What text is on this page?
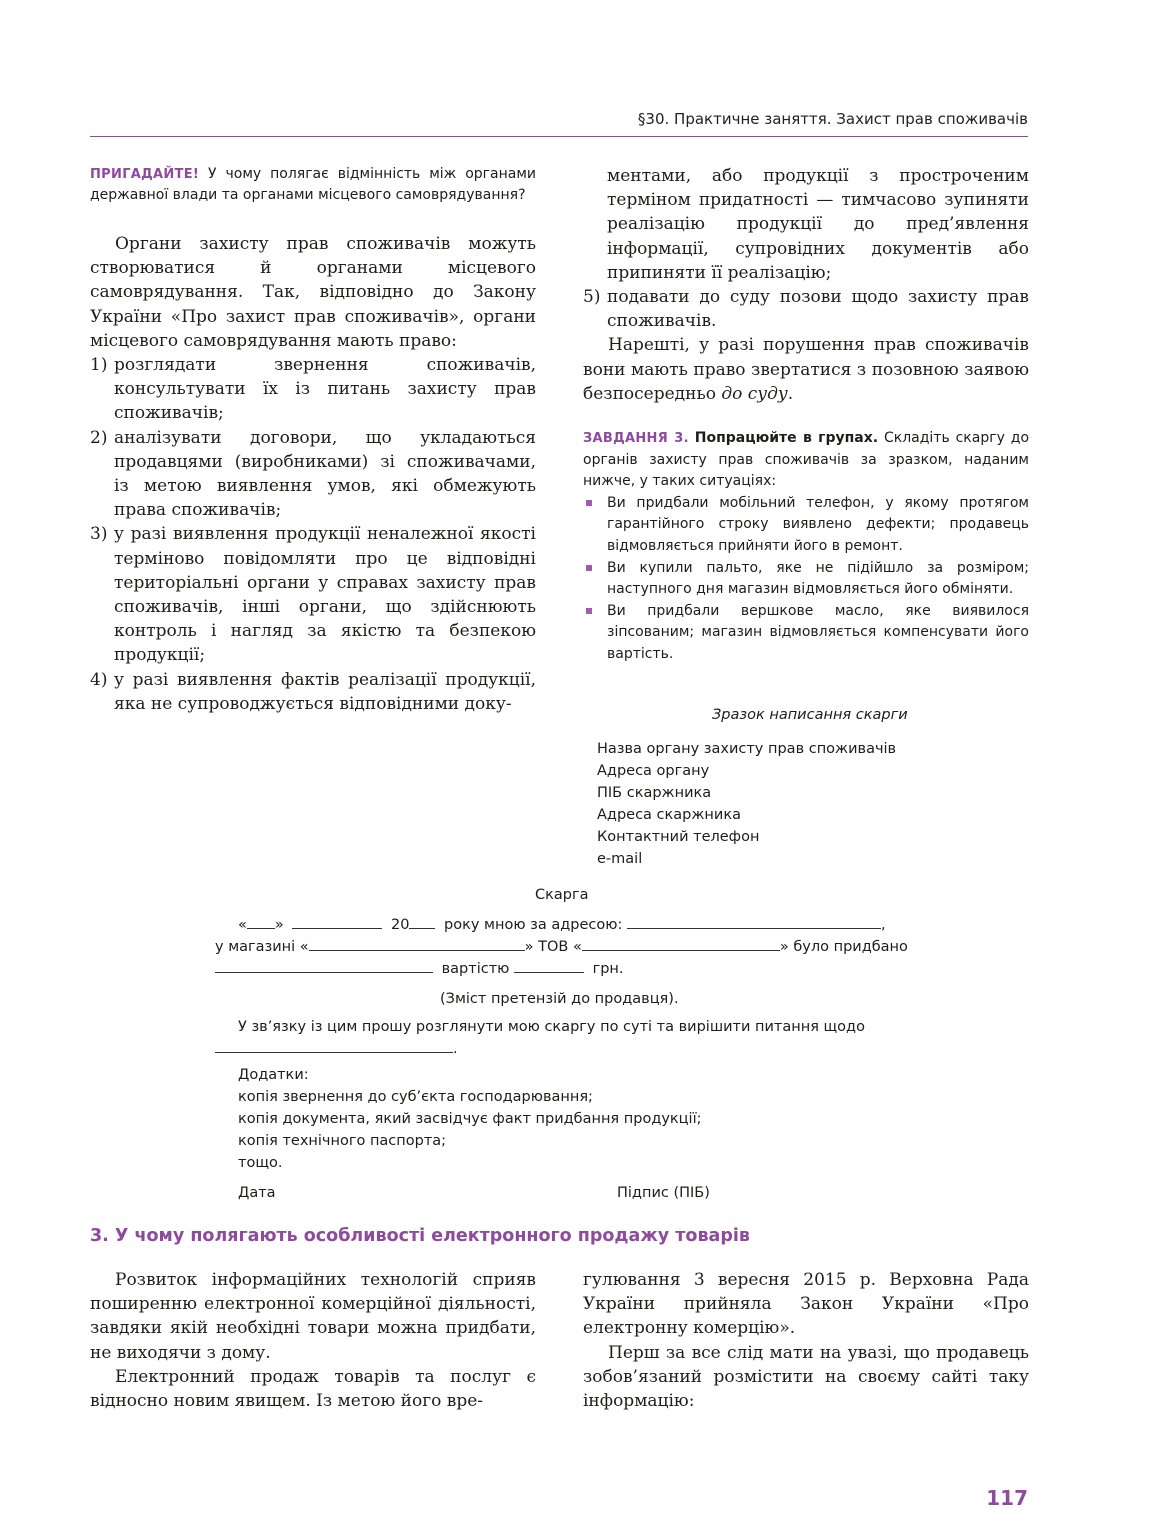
§30. Практичне заняття. Захист прав споживачів
ПРИГАДАЙТЕ! У чому полягає відмінність між органами державної влади та органами місцевого самоврядування?

Органи захисту прав споживачів можуть створюватися й органами місцевого самоврядування. Так, відповідно до Закону України «Про захист прав споживачів», органи місцевого самоврядування мають право:

1) розглядати звернення споживачів, консультувати їх із питань захисту прав споживачів;
2) аналізувати договори, що укладаються продавцями (виробниками) зі споживачами, із метою виявлення умов, які обмежують права споживачів;
3) у разі виявлення продукції неналежної якості терміново повідомляти про це відповідні територіальні органи у справах захисту прав споживачів, інші органи, що здійснюють контроль і нагляд за якістю та безпекою продукції;
4) у разі виявлення фактів реалізації продукції, яка не супроводжується відповідними доку-
ментами, або продукції з простроченим терміном придатності — тимчасово зупиняти реалізацію продукції до пред’явлення інформації, супровідних документів або припиняти її реалізацію;
5) подавати до суду позови щодо захисту прав споживачів.

Нарешті, у разі порушення прав споживачів вони мають право звертатися з позовною заявою безпосередньо до суду.

ЗАВДАННЯ 3. Попрацюйте в групах. Складіть скаргу до органів захисту прав споживачів за зразком, наданим нижче, у таких ситуаціях:
Ви придбали мобільний телефон, у якому протягом гарантійного строку виявлено дефекти; продавець відмовляється прийняти його в ремонт.
Ви купили пальто, яке не підійшло за розміром; наступного дня магазин відмовляється його обміняти.
Ви придбали вершкове масло, яке виявилося зіпсованим; магазин відмовляється компенсувати його вартість.
Зразок написання скарги
Назва органу захисту прав споживачів
Адреса органу
ПІБ скаржника
Адреса скаржника
Контактний телефон
e-mail
Скарга
« »	20 року мною за адресою:	,
у магазині «	» ТОВ «	» було придбано
вартістю	грн.
(Зміст претензій до продавця).
У зв’язку із цим прошу розглянути мою скаргу по суті та вирішити питання щодо
.
Додатки:
копія звернення до суб’єкта господарювання;
копія документа, який засвідчує факт придбання продукції;
копія технічного паспорта;
тощо.
Дата	Підпис (ПІБ)
3. У чому полягають особливості електронного продажу товарів

Розвиток інформаційних технологій сприяв поширенню електронної комерційної діяльності, завдяки якій необхідні товари можна придбати, не виходячи з дому.

Електронний продаж товарів та послуг є відносно новим явищем. Із метою його вре-

гулювання 3 вересня 2015 р. Верховна Рада України прийняла Закон України «Про електронну комерцію».

Перш за все слід мати на увазі, що продавець зобов’язаний розмістити на своєму сайті таку інформацію:

117
